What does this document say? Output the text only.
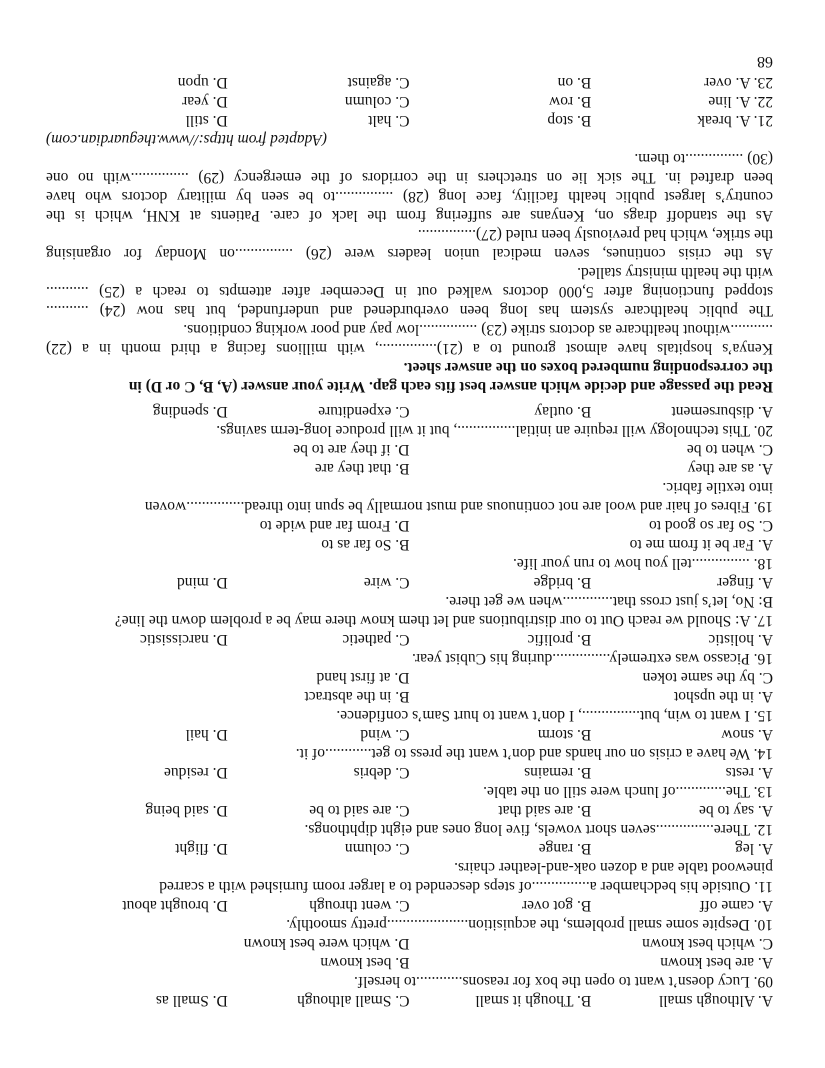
A. Although small
B. Though it small
C. Small although
D. Small as

09. Lucy doesn’t want to open the box for reasons............to herself.

A. are best known
B. best known
C. which best known
D. which were best known

10. Despite some small problems, the acquisition.....................pretty smoothly.

A. came off
B. got over
C. went through
D. brought about

11. Outside his bedchamber a...............of steps descended to a larger room furnished with a scarred

pinewood table and a dozen oak-and-leather chairs.

A. leg
B. range
C. column
D. flight

12. There...............seven short vowels, five long ones and eight diphthongs.

A. say to be
B. are said that
C. are said to be
D. said being

13. The.............of lunch were still on the table.

A. rests
B. remains
C. debris
D. residue

14. We have a crisis on our hands and don’t want the press to get............of it.

A. snow
B. storm
C. wind
D. hail

15. I want to win, but..............., I don’t want to hurt Sam’s confidence.

A. in the upshot
B. in the abstract
C. by the same token
D. at first hand

16. Picasso was extremely...............during his Cubist year.

A. holistic
B. prolific
C. pathetic
D. narcissistic

17. A: Should we reach Out to our distributions and let them know there may be a problem down the line?

B: No, let’s just cross that.............when we get there.

A. finger
B. bridge
C. wire
D. mind

18. ...............tell you how to run your life.

A. Far be it from me to
B. So far as to
C. So far so good to
D. From far and wide to

19. Fibres of hair and wool are not continuous and must normally be spun into thread...............woven

into textile fabric.

A. as are they
B. that they are
C. when to be
D. if they are to be

20. This technology will require an initial..............., but it will produce long-term savings.

A. disbursement
B. outlay
C. expenditure
D. spending

Read the passage and decide which answer best fits each gap. Write your answer (A, B, C or D) in

the corresponding numbered boxes on the answer sheet.

Kenya’s hospitals have almost ground to a (21)..............., with millions facing a third month in a (22)

...........without healthcare as doctors strike (23) ...............low pay and poor working conditions.

The public healthcare system has long been overburdened and underfunded, but has now (24) ...........

stopped functioning after 5,000 doctors walked out in December after attempts to reach a (25) ...........

with the health ministry stalled.

As the crisis continues, seven medical union leaders were (26) ...............on Monday for organising

the strike, which had previously been ruled (27)...............

As the standoff drags on, Kenyans are suffering from the lack of care. Patients at KNH, which is the

country’s largest public health facility, face long (28) ...............to be seen by military doctors who have

been drafted in. The sick lie on stretchers in the corridors of the emergency (29) ...............with no one

(30) ...............to them.

(Adapted from https://www.theguardian.com)

21. A. break
B. stop
C. halt
D. still
22. A. line
B. row
C. column
D. year
23. A. over
B. on
C. against
D. upon
68
